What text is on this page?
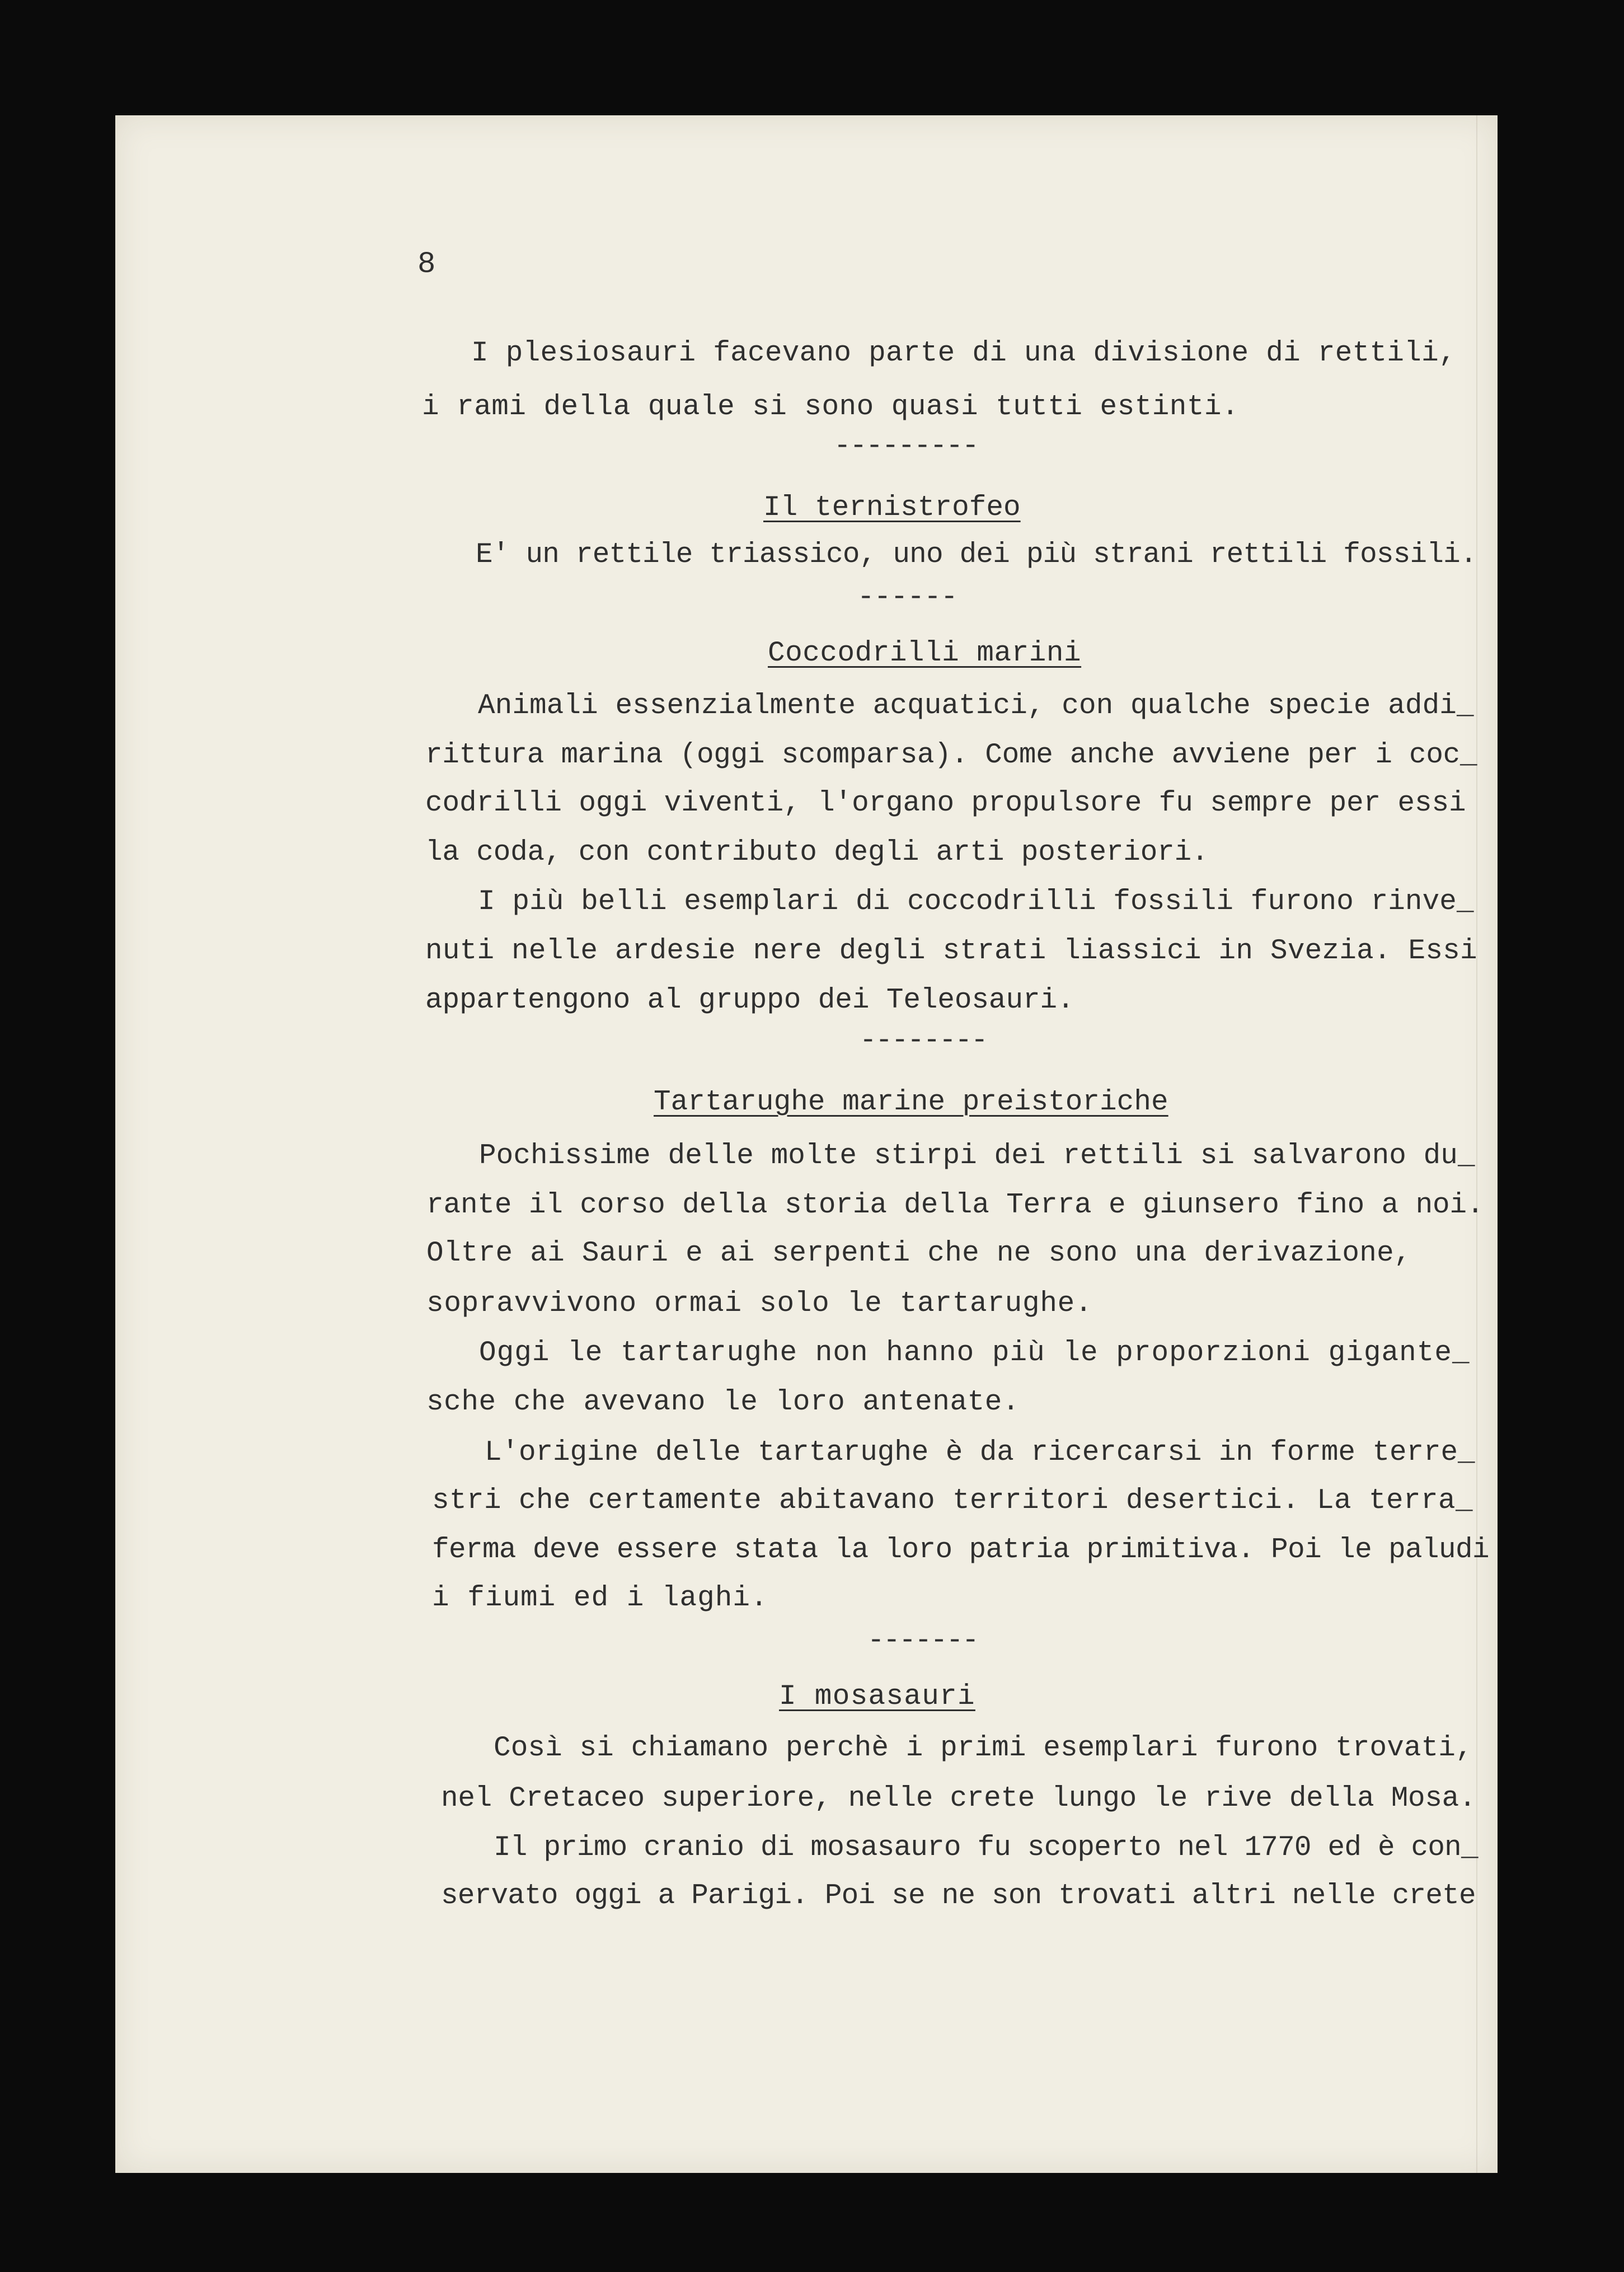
8
I plesiosauri facevano parte di una divisione di rettili,
i rami della quale si sono quasi tutti estinti.
---------
Il ternistrofeo
E' un rettile triassico, uno dei più strani rettili fossili.
------
Coccodrilli marini
Animali essenzialmente acquatici, con qualche specie addi_
rittura marina (oggi scomparsa). Come anche avviene per i coc_
codrilli oggi viventi, l'organo propulsore fu sempre per essi
la coda, con contributo degli arti posteriori.
I più belli esemplari di coccodrilli fossili furono rinve_
nuti nelle ardesie nere degli strati liassici in Svezia. Essi
appartengono al gruppo dei Teleosauri.
--------
Tartarughe marine preistoriche
Pochissime delle molte stirpi dei rettili si salvarono du_
rante il corso della storia della Terra e giunsero fino a noi.
Oltre ai Sauri e ai serpenti che ne sono una derivazione,
sopravvivono ormai solo le tartarughe.
Oggi le tartarughe non hanno più le proporzioni gigante_
sche che avevano le loro antenate.
L'origine delle tartarughe è da ricercarsi in forme terre_
stri che certamente abitavano territori desertici. La terra_
ferma deve essere stata la loro patria primitiva. Poi le paludi
i fiumi ed i laghi.
-------
I mosasauri
Così si chiamano perchè i primi esemplari furono trovati,
nel Cretaceo superiore, nelle crete lungo le rive della Mosa.
Il primo cranio di mosasauro fu scoperto nel 1770 ed è con_
servato oggi a Parigi. Poi se ne son trovati altri nelle crete
